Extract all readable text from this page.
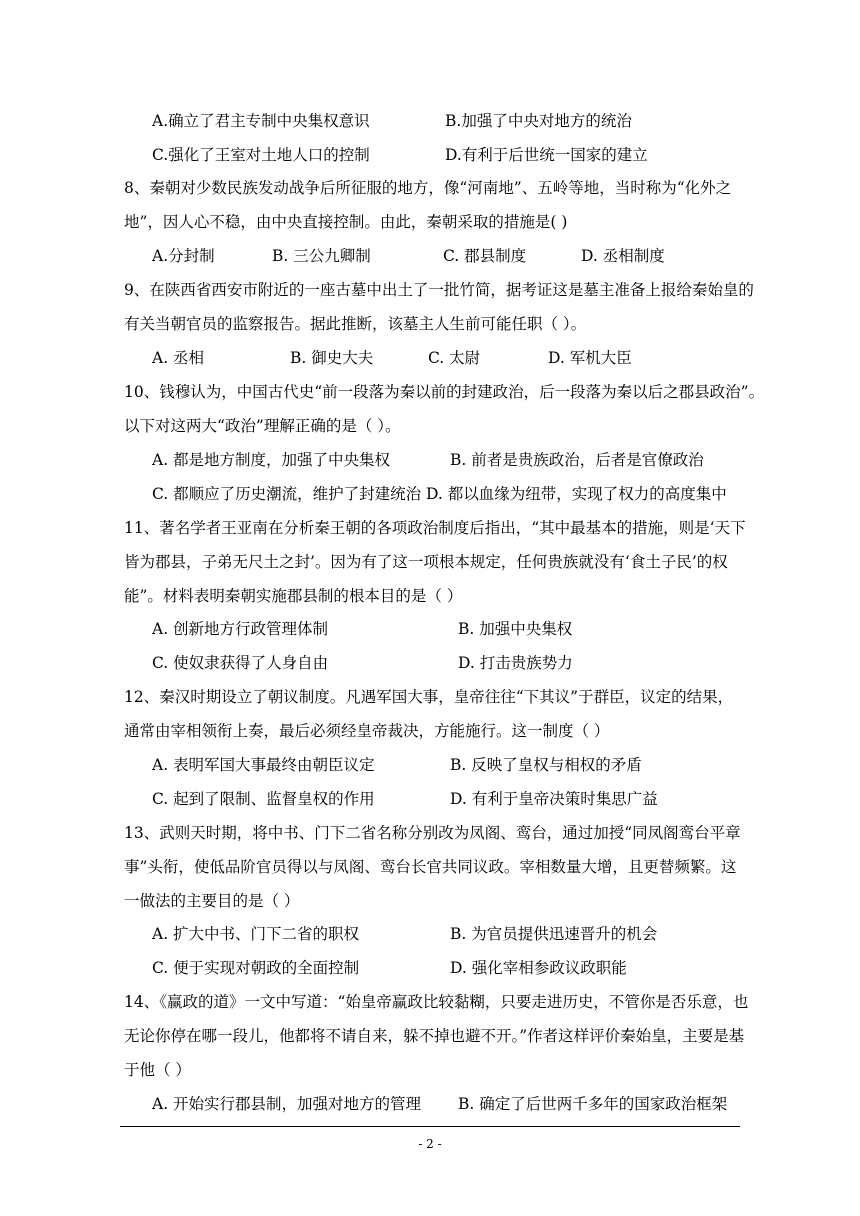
A.确立了君主专制中央集权意识	B.加强了中央对地方的统治
C.强化了王室对土地人口的控制	D.有利于后世统一国家的建立
8、秦朝对少数民族发动战争后所征服的地方，像“河南地”、五岭等地，当时称为“化外之
地”，因人心不稳，由中央直接控制。由此，秦朝采取的措施是( )
A.分封制	B. 三公九卿制	C. 郡县制度	D. 丞相制度
9、在陕西省西安市附近的一座古墓中出土了一批竹简，据考证这是墓主准备上报给秦始皇的
有关当朝官员的监察报告。据此推断，该墓主人生前可能任职（ ）。
A. 丞相	B. 御史大夫	C. 太尉	D. 军机大臣
10、钱穆认为，中国古代史“前一段落为秦以前的封建政治，后一段落为秦以后之郡县政治”。
以下对这两大“政治”理解正确的是（ ）。
A. 都是地方制度，加强了中央集权	B. 前者是贵族政治，后者是官僚政治
C. 都顺应了历史潮流，维护了封建统治 D. 都以血缘为纽带，实现了权力的高度集中
11、著名学者王亚南在分析秦王朝的各项政治制度后指出，“其中最基本的措施，则是‘天下
皆为郡县，子弟无尺土之封’。因为有了这一项根本规定，任何贵族就没有‘食土子民’的权
能”。材料表明秦朝实施郡县制的根本目的是（ ）
A. 创新地方行政管理体制	B. 加强中央集权
C. 使奴隶获得了人身自由	D. 打击贵族势力
12、秦汉时期设立了朝议制度。凡遇军国大事，皇帝往往“下其议”于群臣，议定的结果，
通常由宰相领衔上奏，最后必须经皇帝裁决，方能施行。这一制度（ ）
A. 表明军国大事最终由朝臣议定	B. 反映了皇权与相权的矛盾
C. 起到了限制、监督皇权的作用	D. 有利于皇帝决策时集思广益
13、武则天时期，将中书、门下二省名称分别改为凤阁、鸾台，通过加授“同凤阁鸾台平章
事”头衔，使低品阶官员得以与凤阁、鸾台长官共同议政。宰相数量大增，且更替频繁。这
一做法的主要目的是（ ）
A. 扩大中书、门下二省的职权	B. 为官员提供迅速晋升的机会
C. 便于实现对朝政的全面控制	D. 强化宰相参政议政职能
14、《赢政的道》一文中写道：“始皇帝赢政比较黏糊，只要走进历史，不管你是否乐意，也
无论你停在哪一段儿，他都将不请自来，躲不掉也避不开。”作者这样评价秦始皇，主要是基
于他（ ）
A. 开始实行郡县制，加强对地方的管理 B. 确定了后世两千多年的国家政治框架
- 2 -
